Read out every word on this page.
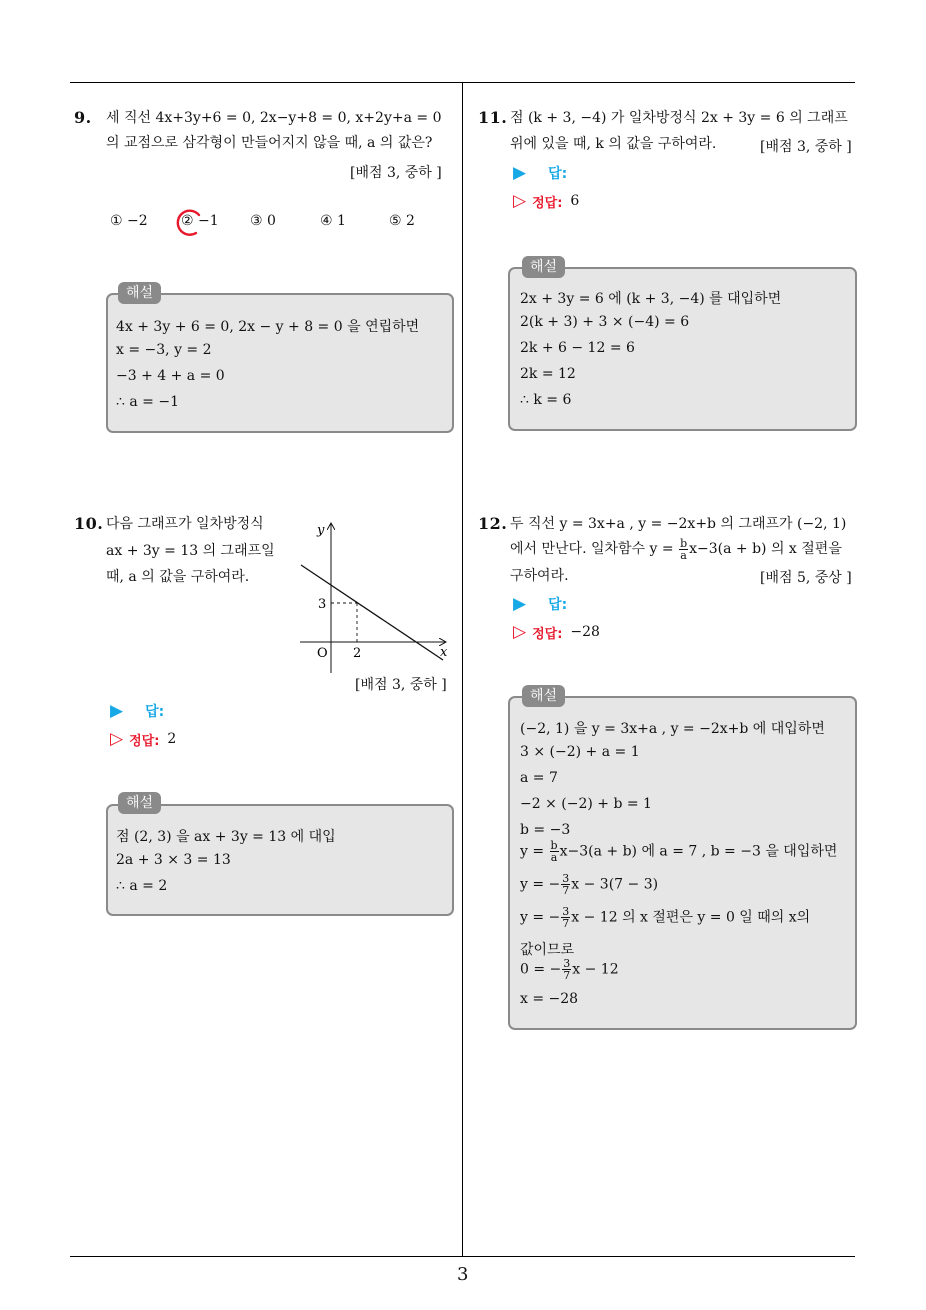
3
9. 세 직선 4x+3y+6 = 0, 2x−y+8 = 0, x+2y+a = 0
의 교점으로 삼각형이 만들어지지 않을 때, a 의 값은?
[배점 3, 중하 ]
① −2 ② −1 ③ 0	④ 1	⑤ 2
해설
4x + 3y + 6 = 0, 2x − y + 8 = 0 을 연립하면
x = −3, y = 2
−3 + 4 + a = 0
∴ a = −1
10. 다음 그래프가 일차방정식
ax + 3y = 13 의 그래프일
때, a 의 값을 구하여라.
y
x
3
2
O
[배점 3, 중하 ]
▶ 답:
▷ 정답: 2
해설
점 (2, 3) 을 ax + 3y = 13 에 대입
2a + 3 × 3 = 13
∴ a = 2
11. 점 (k + 3, −4) 가 일차방정식 2x + 3y = 6 의 그래프
위에 있을 때, k 의 값을 구하여라.	[배점 3, 중하 ]
▶ 답:
▷ 정답: 6
해설
2x + 3y = 6 에 (k + 3, −4) 를 대입하면
2(k + 3) + 3 × (−4) = 6
2k + 6 − 12 = 6
2k = 12
∴ k = 6
12. 두 직선 y = 3x+a , y = −2x+b 의 그래프가 (−2, 1)
에서 만난다. 일차함수 $y = \frac{b}{a} x-3(a + b)$ 의 x 절편을
구하여라.	[배점 5, 중상 ]
▶ 답:
▷ 정답: −28
해설
(−2, 1) 을 y = 3x+a , y = −2x+b 에 대입하면
3 × (−2) + a = 1
a = 7
−2 × (−2) + b = 1
b = −3
$y = \frac{b}{a} x-3(a + b)$ 에 a = 7 , b = −3 을 대입하면
y = − $\frac{3}{7}$ x − 3(7 − 3)
y = − $\frac{3}{7}$ x − 12 의 x 절편은 y = 0 일 때의 x의
값이므로
0 = − $\frac{3}{7}$ x − 12
x = −28
